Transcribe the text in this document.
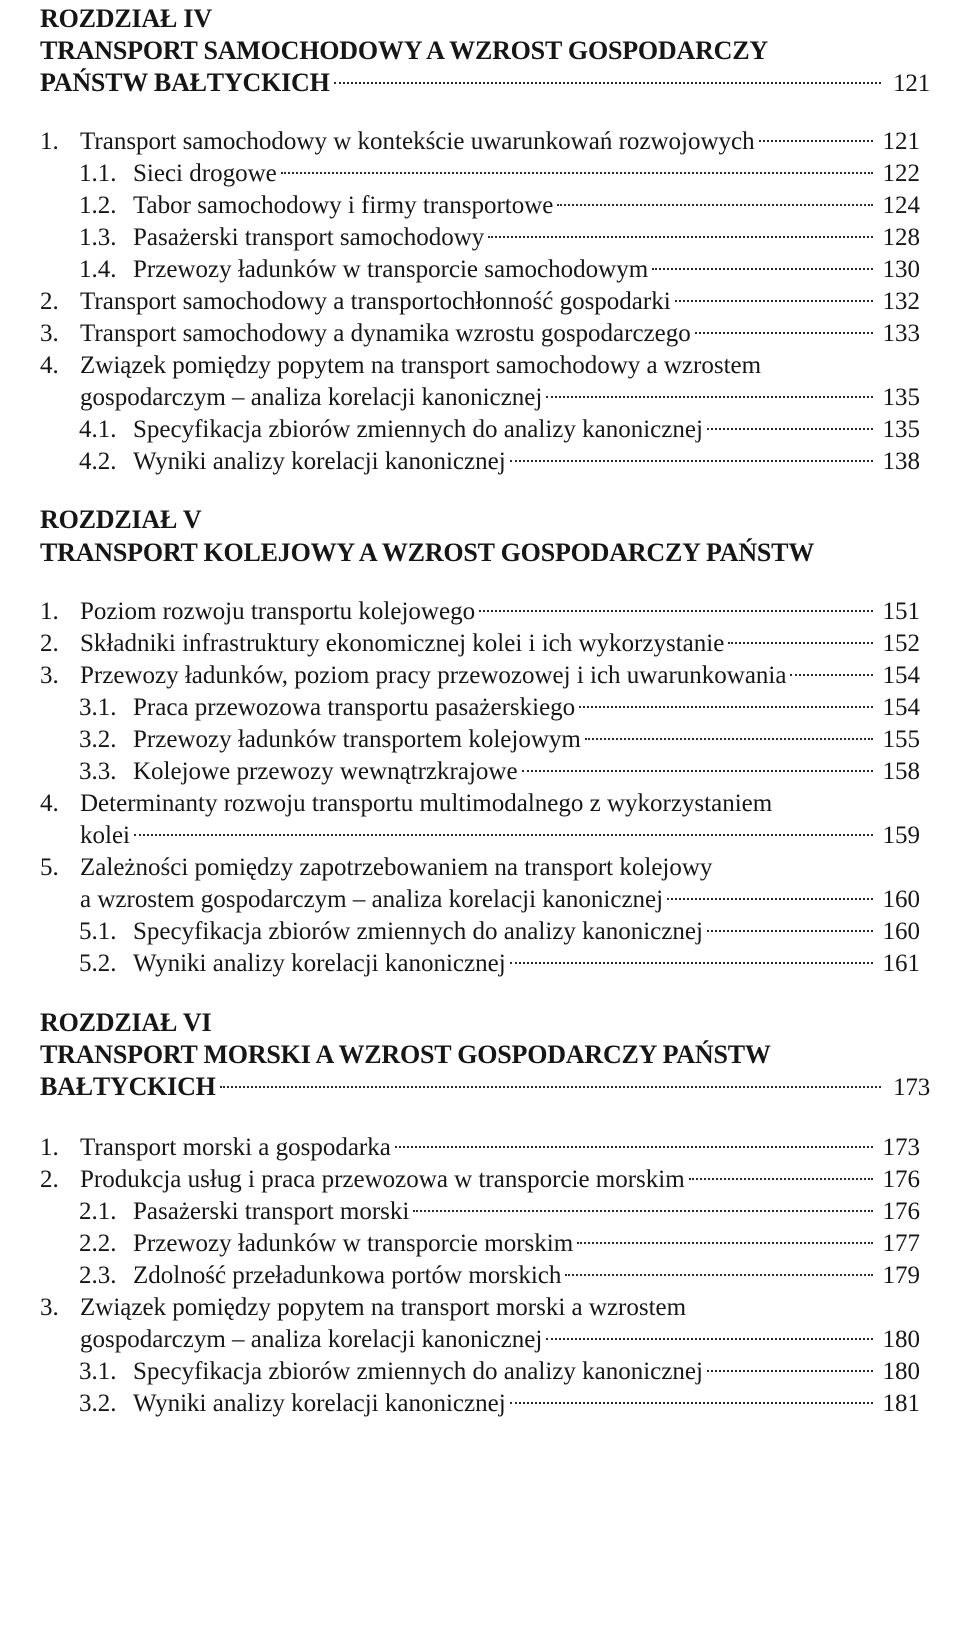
ROZDZIAŁ IV
TRANSPORT SAMOCHODOWY A WZROST GOSPODARCZY
PAŃSTW BAŁTYCKICH	121
1. Transport samochodowy w kontekście uwarunkowań rozwojowych	121
1.1. Sieci drogowe	122
1.2. Tabor samochodowy i firmy transportowe	124
1.3. Pasażerski transport samochodowy	128
1.4. Przewozy ładunków w transporcie samochodowym	130
2. Transport samochodowy a transportochłonność gospodarki	132
3. Transport samochodowy a dynamika wzrostu gospodarczego	133
4. Związek pomiędzy popytem na transport samochodowy a wzrostem
gospodarczym – analiza korelacji kanonicznej	135
4.1. Specyfikacja zbiorów zmiennych do analizy kanonicznej	135
4.2. Wyniki analizy korelacji kanonicznej	138
ROZDZIAŁ V
TRANSPORT KOLEJOWY A WZROST GOSPODARCZY PAŃSTW
1. Poziom rozwoju transportu kolejowego	151
2. Składniki infrastruktury ekonomicznej kolei i ich wykorzystanie	152
3. Przewozy ładunków, poziom pracy przewozowej i ich uwarunkowania	154
3.1. Praca przewozowa transportu pasażerskiego	154
3.2. Przewozy ładunków transportem kolejowym	155
3.3. Kolejowe przewozy wewnątrzkrajowe	158
4. Determinanty rozwoju transportu multimodalnego z wykorzystaniem
kolei	159
5. Zależności pomiędzy zapotrzebowaniem na transport kolejowy
a wzrostem gospodarczym – analiza korelacji kanonicznej	160
5.1. Specyfikacja zbiorów zmiennych do analizy kanonicznej	160
5.2. Wyniki analizy korelacji kanonicznej	161
ROZDZIAŁ VI
TRANSPORT MORSKI A WZROST GOSPODARCZY PAŃSTW
BAŁTYCKICH	173
1. Transport morski a gospodarka	173
2. Produkcja usług i praca przewozowa w transporcie morskim	176
2.1. Pasażerski transport morski	176
2.2. Przewozy ładunków w transporcie morskim	177
2.3. Zdolność przeładunkowa portów morskich	179
3. Związek pomiędzy popytem na transport morski a wzrostem
gospodarczym – analiza korelacji kanonicznej	180
3.1. Specyfikacja zbiorów zmiennych do analizy kanonicznej	180
3.2. Wyniki analizy korelacji kanonicznej	181
